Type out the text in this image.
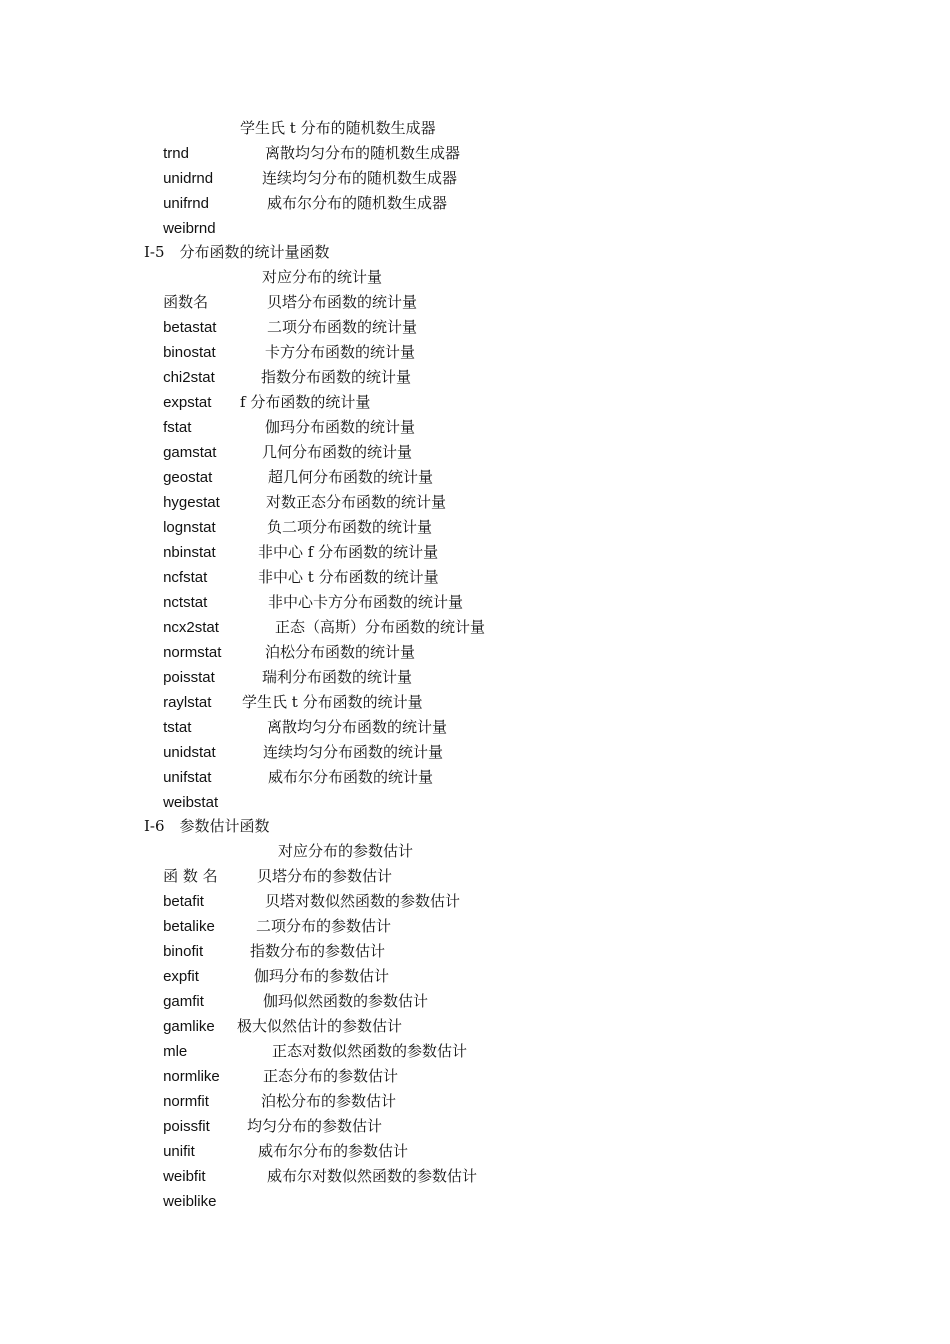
trnd
学生氏 t 分布的随机数生成器

unidrnd
离散均匀分布的随机数生成器

unifrnd
连续均匀分布的随机数生成器

weibrnd
威布尔分布的随机数生成器

Ⅰ-5　分布函数的统计量函数

函数名
对应分布的统计量

betastat
贝塔分布函数的统计量

binostat
二项分布函数的统计量

chi2stat
卡方分布函数的统计量

expstat
指数分布函数的统计量

fstat
f 分布函数的统计量

gamstat
伽玛分布函数的统计量

geostat
几何分布函数的统计量

hygestat
超几何分布函数的统计量

lognstat
对数正态分布函数的统计量

nbinstat
负二项分布函数的统计量

ncfstat
非中心 f 分布函数的统计量

nctstat
非中心 t 分布函数的统计量

ncx2stat
非中心卡方分布函数的统计量

normstat
正态（高斯）分布函数的统计量

poisstat
泊松分布函数的统计量

raylstat
瑞利分布函数的统计量

tstat
学生氏 t 分布函数的统计量

unidstat
离散均匀分布函数的统计量

unifstat
连续均匀分布函数的统计量

weibstat
威布尔分布函数的统计量

Ⅰ-6　参数估计函数

函 数 名
对应分布的参数估计

betafit
贝塔分布的参数估计

betalike
贝塔对数似然函数的参数估计

binofit
二项分布的参数估计

expfit
指数分布的参数估计

gamfit
伽玛分布的参数估计

gamlike
伽玛似然函数的参数估计

mle
极大似然估计的参数估计

normlike
正态对数似然函数的参数估计

normfit
正态分布的参数估计

poissfit
泊松分布的参数估计

unifit
均匀分布的参数估计

weibfit
威布尔分布的参数估计

weiblike
威布尔对数似然函数的参数估计
